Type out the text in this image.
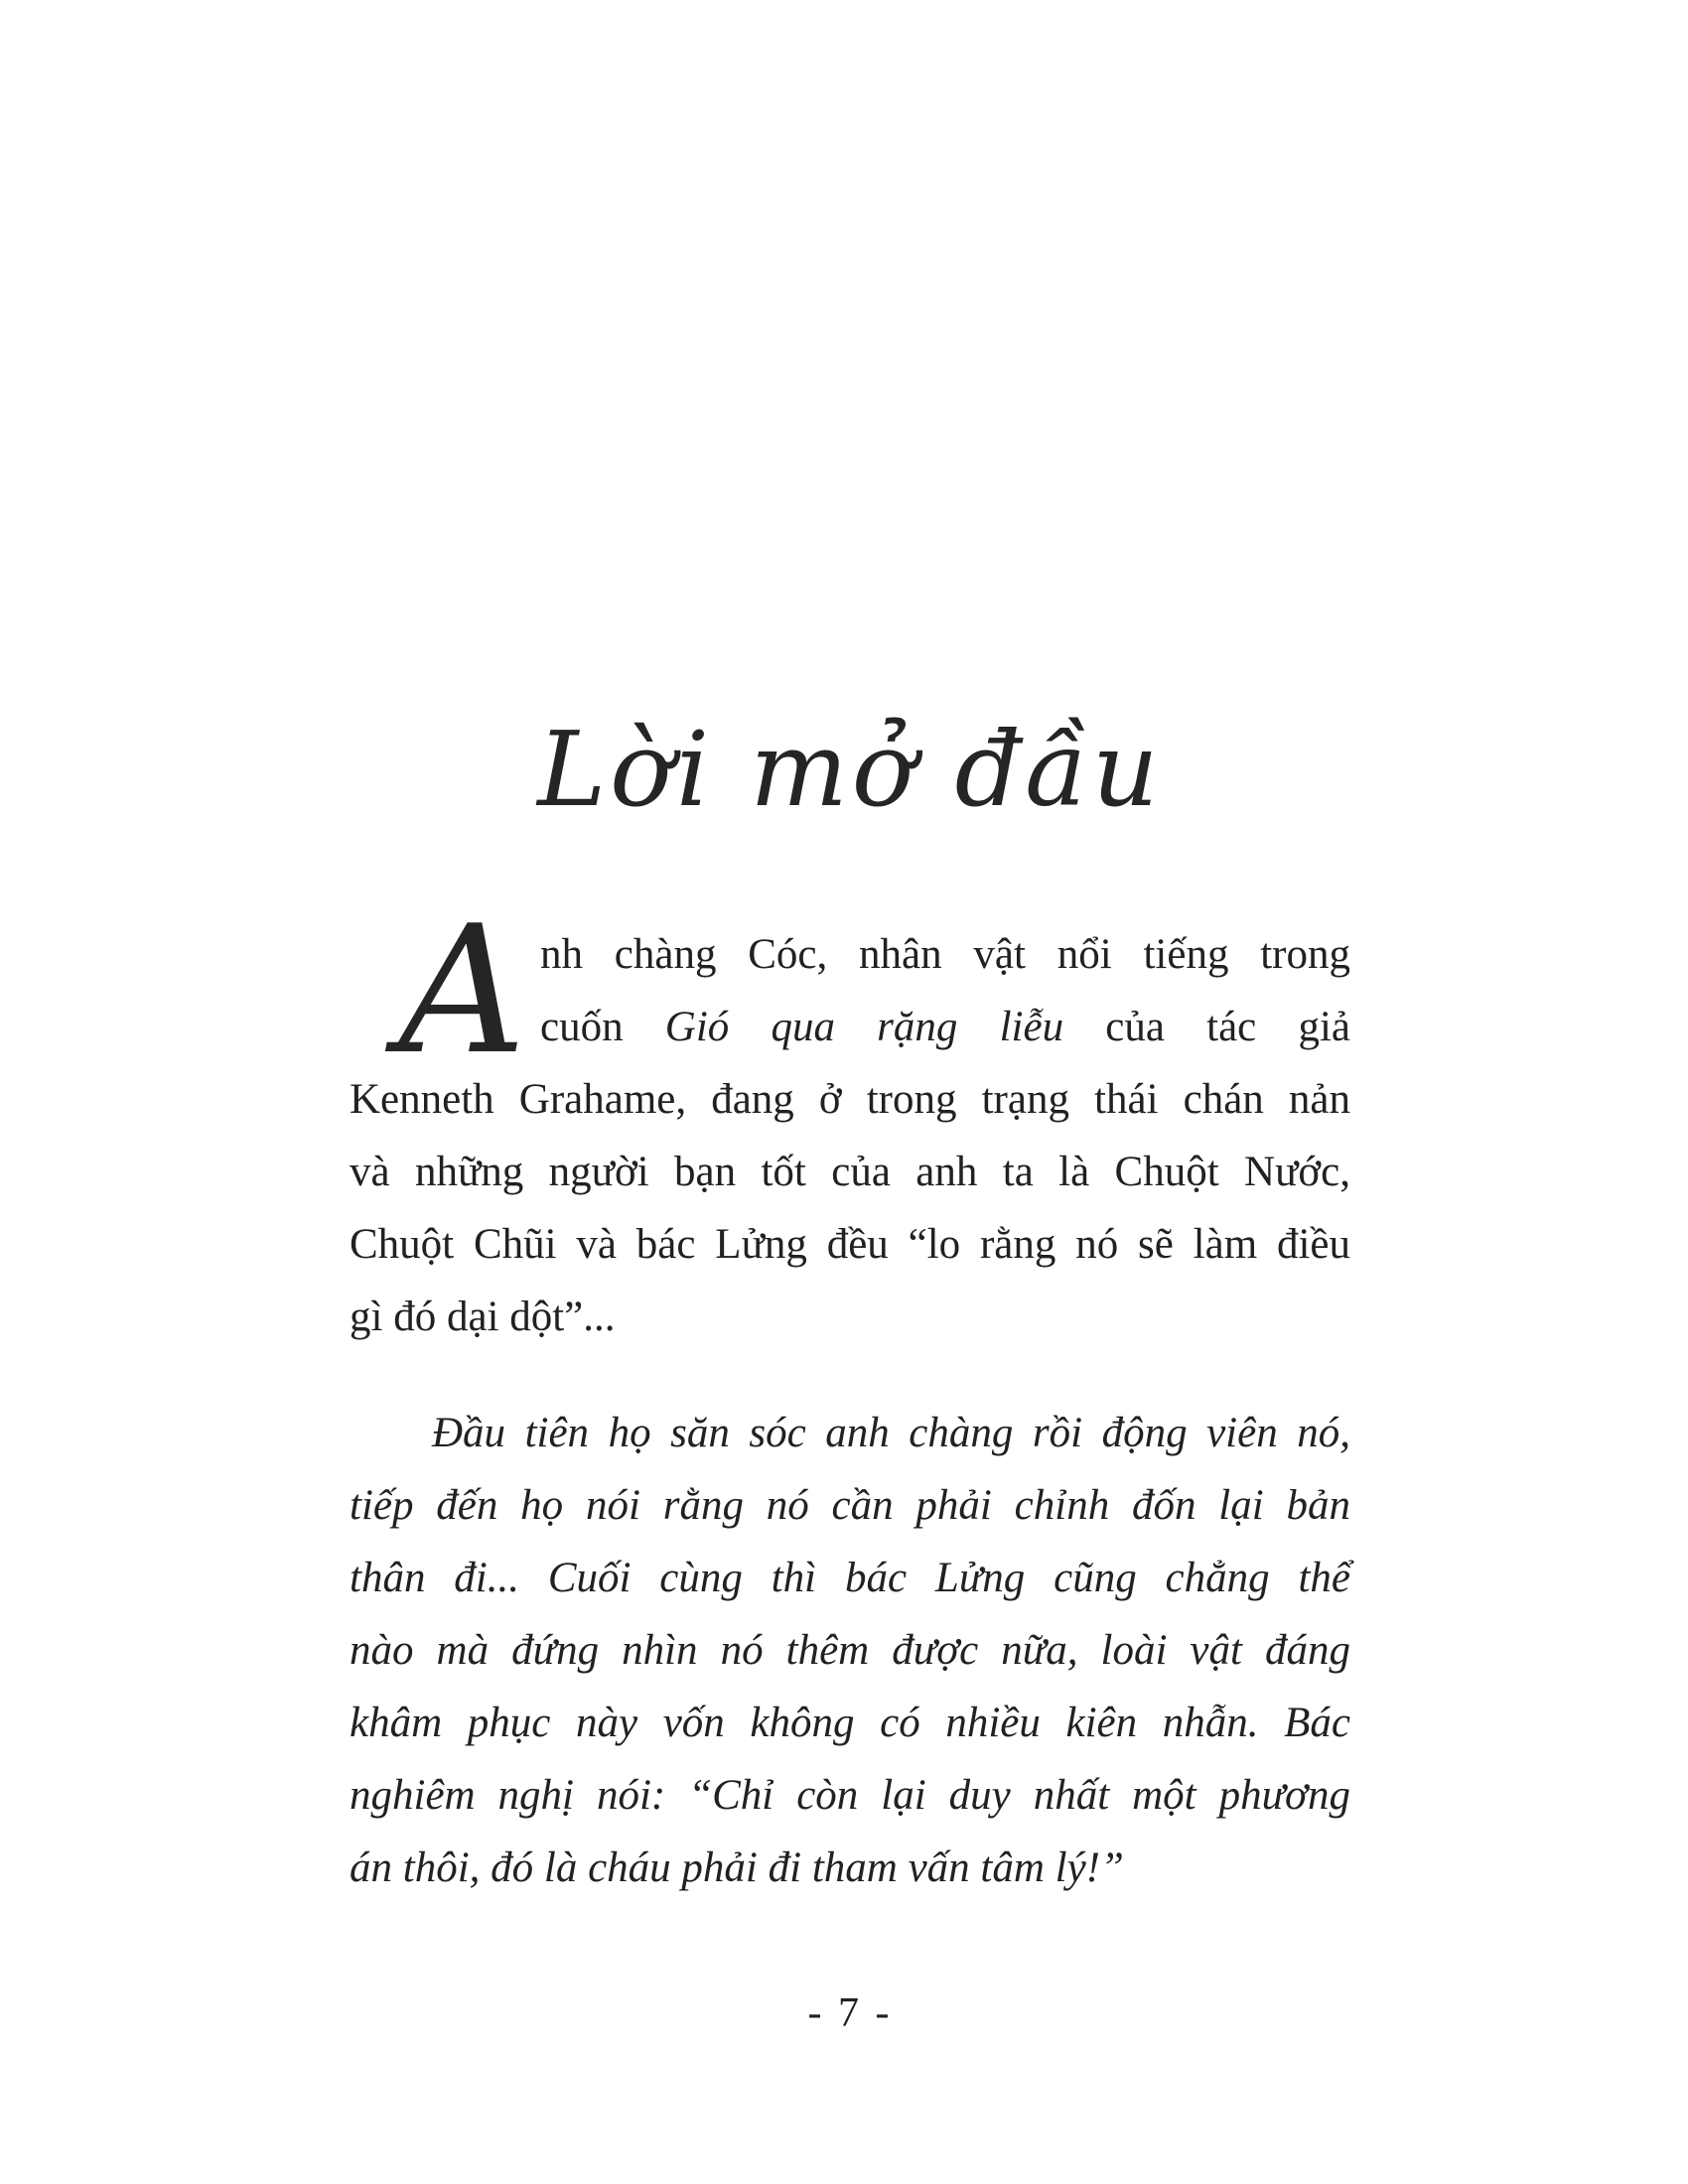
Lời mở đầu
A nh chàng Cóc, nhân vật nổi tiếng trong
cuốn Gió qua rặng liễu của tác giả
Kenneth Grahame, đang ở trong trạng thái chán nản
và những người bạn tốt của anh ta là Chuột Nước,
Chuột Chũi và bác Lửng đều “lo rằng nó sẽ làm điều
gì đó dại dột”...
Đầu tiên họ săn sóc anh chàng rồi động viên nó,
tiếp đến họ nói rằng nó cần phải chỉnh đốn lại bản
thân đi... Cuối cùng thì bác Lửng cũng chẳng thể
nào mà đứng nhìn nó thêm được nữa, loài vật đáng
khâm phục này vốn không có nhiều kiên nhẫn. Bác
nghiêm nghị nói: “Chỉ còn lại duy nhất một phương
án thôi, đó là cháu phải đi tham vấn tâm lý!”
- 7 -
